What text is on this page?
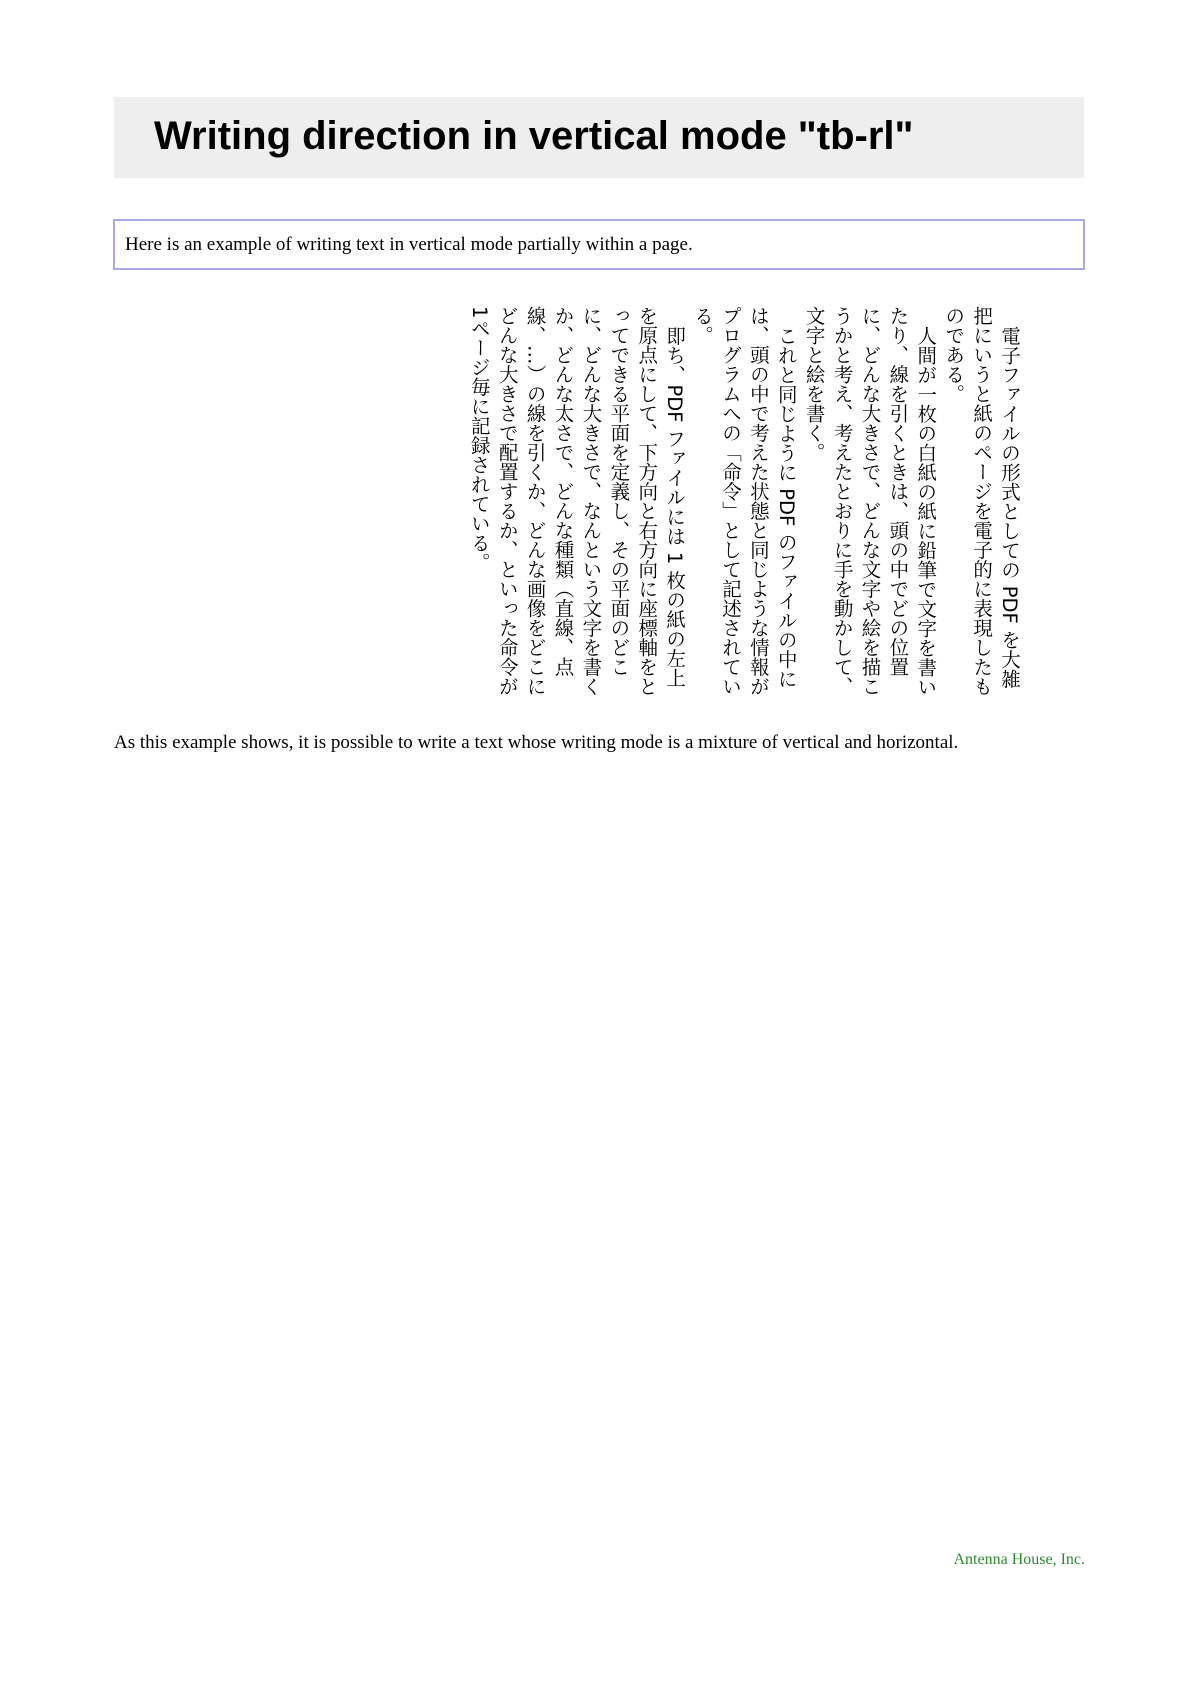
Writing direction in vertical mode "tb-rl"
Here is an example of writing text in vertical mode partially within a page.

電子ファイルの形式としての PDF を大雑把にいうと紙のページを電子的に表現したものである。

人間が一枚の白紙の紙に鉛筆で文字を書いたり、線を引くときは、頭の中でどの位置に、どんな大きさで、どんな文字や絵を描こうかと考え、考えたとおりに手を動かして、文字と絵を書く。

これと同じように PDF のファイルの中には、頭の中で考えた状態と同じような情報がプログラムへの「命令」として記述されている。

即ち、PDF ファイルには 1 枚の紙の左上を原点にして、下方向と右方向に座標軸をとってできる平面を定義し、その平面のどこに、どんな大きさで、なんという文字を書くか、どんな太さで、どんな種類（直線、点線、…）の線を引くか、どんな画像をどこにどんな大きさで配置するか、といった命令が1ページ毎に記録されている。

As this example shows, it is possible to write a text whose writing mode is a mixture of vertical and horizontal.

Antenna House, Inc.
